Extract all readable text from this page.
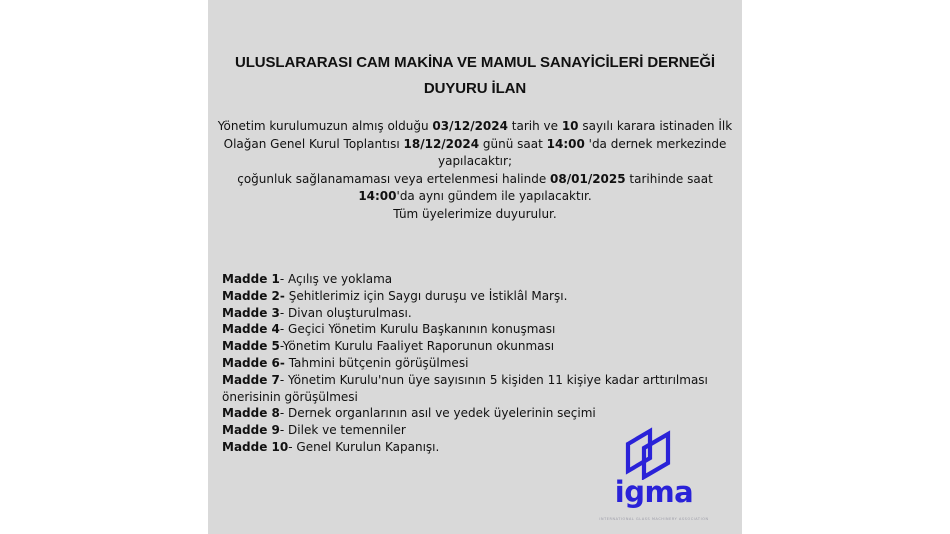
ULUSLARARASI CAM MAKİNA VE MAMUL SANAYİCİLERİ DERNEĞİ
DUYURU İLAN
Yönetim kurulumuzun almış olduğu 03/12/2024 tarih ve 10 sayılı karara istinaden İlk Olağan Genel Kurul Toplantısı 18/12/2024 günü saat 14:00 'da dernek merkezinde yapılacaktır;
çoğunluk sağlanamaması veya ertelenmesi halinde 08/01/2025 tarihinde saat 14:00'da aynı gündem ile yapılacaktır.
Tüm üyelerimize duyurulur.
Madde 1- Açılış ve yoklama
Madde 2- Şehitlerimiz için Saygı duruşu ve İstiklâl Marşı.
Madde 3- Divan oluşturulması.
Madde 4- Geçici Yönetim Kurulu Başkanının konuşması
Madde 5-Yönetim Kurulu Faaliyet Raporunun okunması
Madde 6- Tahmini bütçenin görüşülmesi
Madde 7- Yönetim Kurulu'nun üye sayısının 5 kişiden 11 kişiye kadar arttırılması önerisinin görüşülmesi
Madde 8- Dernek organlarının asıl ve yedek üyelerinin seçimi
Madde 9- Dilek ve temenniler
Madde 10- Genel Kurulun Kapanışı.
igma
INTERNATIONAL GLASS MACHINERY ASSOCIATION
